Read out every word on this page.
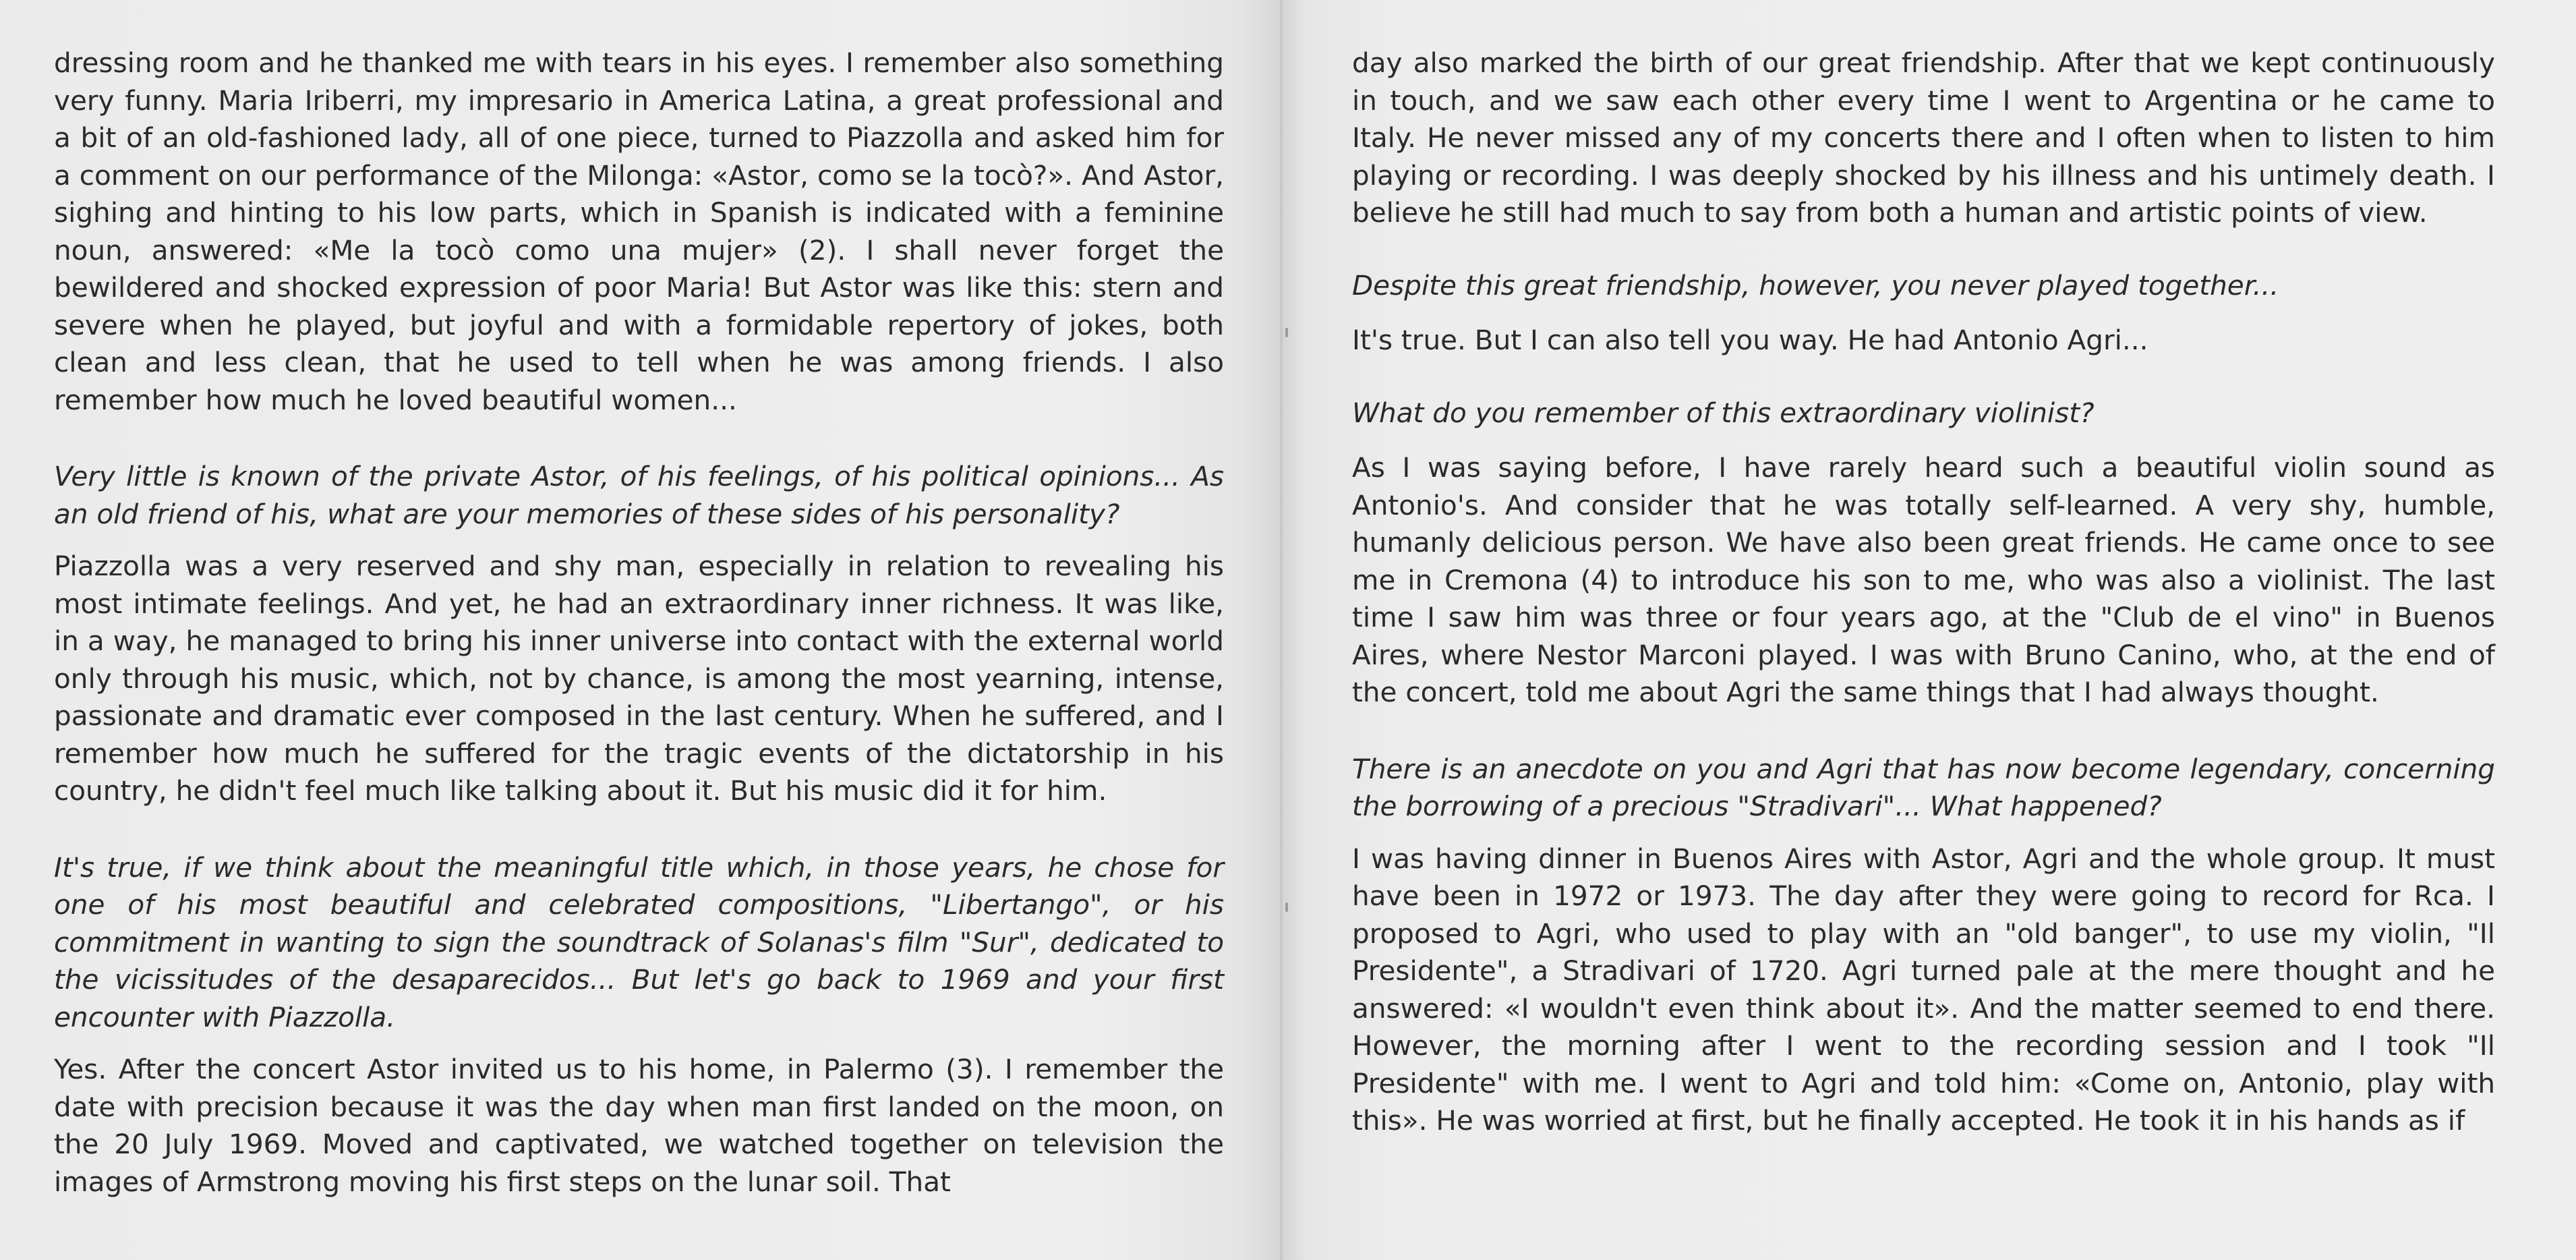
dressing room and he thanked me with tears in his eyes. I remember also something very funny. Maria Iriberri, my impresario in America Latina, a great professional and a bit of an old-fashioned lady, all of one piece, turned to Piazzolla and asked him for a comment on our performance of the Milonga: «Astor, como se la tocò?». And Astor, sighing and hinting to his low parts, which in Spanish is indicated with a feminine noun, answered: «Me la tocò como una mujer» (2). I shall never forget the bewildered and shocked expression of poor Maria! But Astor was like this: stern and severe when he played, but joyful and with a formidable repertory of jokes, both clean and less clean, that he used to tell when he was among friends. I also remember how much he loved beautiful women...

Very little is known of the private Astor, of his feelings, of his political opinions... As an old friend of his, what are your memories of these sides of his personality?

Piazzolla was a very reserved and shy man, especially in relation to revealing his most intimate feelings. And yet, he had an extraordinary inner richness. It was like, in a way, he managed to bring his inner universe into contact with the external world only through his music, which, not by chance, is among the most yearning, intense, passionate and dramatic ever composed in the last century. When he suffered, and I remember how much he suffered for the tragic events of the dictatorship in his country, he didn't feel much like talking about it. But his music did it for him.

It's true, if we think about the meaningful title which, in those years, he chose for one of his most beautiful and celebrated compositions, "Libertango", or his commitment in wanting to sign the soundtrack of Solanas's film "Sur", dedicated to the vicissitudes of the desaparecidos... But let's go back to 1969 and your first encounter with Piazzolla.

Yes. After the concert Astor invited us to his home, in Palermo (3). I remember the date with precision because it was the day when man first landed on the moon, on the 20 July 1969. Moved and captivated, we watched together on television the images of Armstrong moving his first steps on the lunar soil. That

day also marked the birth of our great friendship. After that we kept continuously in touch, and we saw each other every time I went to Argentina or he came to Italy. He never missed any of my concerts there and I often when to listen to him playing or recording. I was deeply shocked by his illness and his untimely death. I believe he still had much to say from both a human and artistic points of view.

Despite this great friendship, however, you never played together...

It's true. But I can also tell you way. He had Antonio Agri...

What do you remember of this extraordinary violinist?

As I was saying before, I have rarely heard such a beautiful violin sound as Antonio's. And consider that he was totally self-learned. A very shy, humble, humanly delicious person. We have also been great friends. He came once to see me in Cremona (4) to introduce his son to me, who was also a violinist. The last time I saw him was three or four years ago, at the "Club de el vino" in Buenos Aires, where Nestor Marconi played. I was with Bruno Canino, who, at the end of the concert, told me about Agri the same things that I had always thought.

There is an anecdote on you and Agri that has now become legendary, concerning the borrowing of a precious "Stradivari"... What happened?

I was having dinner in Buenos Aires with Astor, Agri and the whole group. It must have been in 1972 or 1973. The day after they were going to record for Rca. I proposed to Agri, who used to play with an "old banger", to use my violin, "Il Presidente", a Stradivari of 1720. Agri turned pale at the mere thought and he answered: «I wouldn't even think about it». And the matter seemed to end there. However, the morning after I went to the recording session and I took "Il Presidente" with me. I went to Agri and told him: «Come on, Antonio, play with this». He was worried at first, but he finally accepted. He took it in his hands as if
